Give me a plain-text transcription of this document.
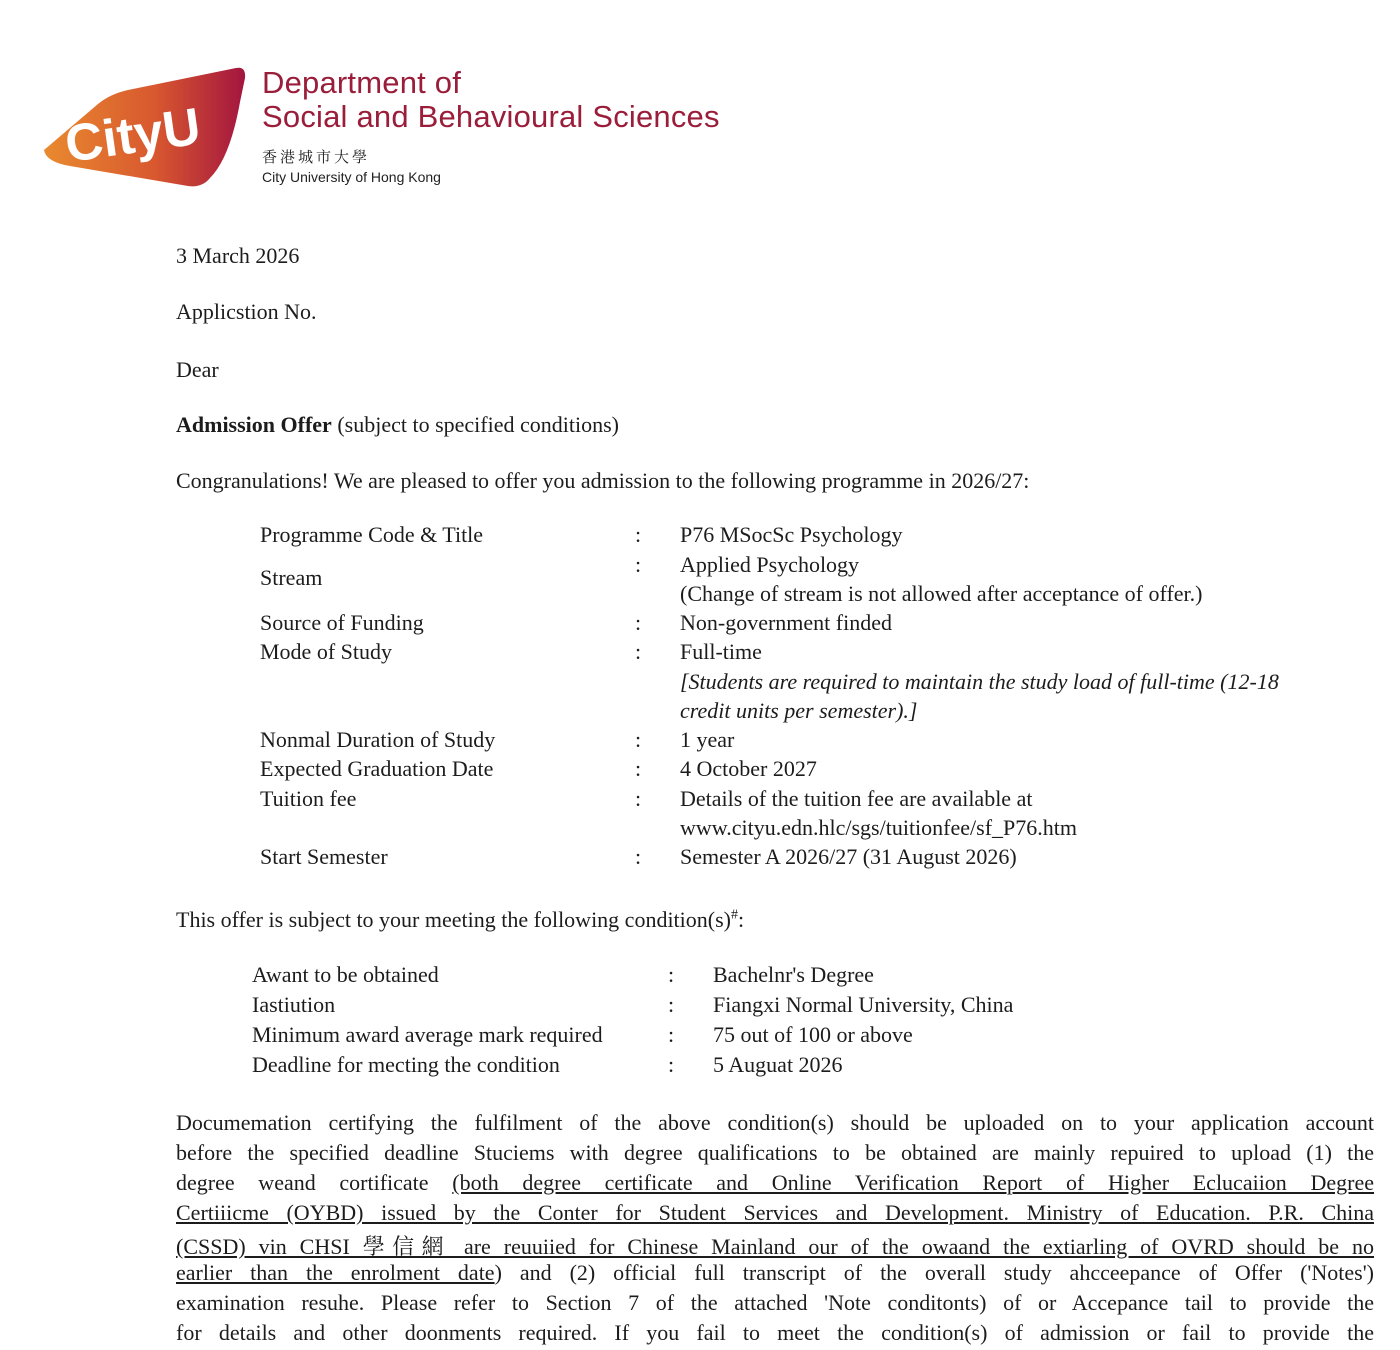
CityU
Department of
Social and Behavioural Sciences
香港城市大學
City University of Hong Kong
3 March 2026
Applicstion No.
Dear
Admission Offer (subject to specified conditions)
Congranulations! We are pleased to offer you admission to the following programme in 2026/27:
Programme Code & Title	: P76 MSocSc Psychology
Stream
: Applied Psychology
(Change of stream is not allowed after acceptance of offer.)
Source of Funding	: Non-government finded
Mode of Study	: Full-time
[Students are required to maintain the study load of full-time (12-18
credit units per semester).]
Nonmal Duration of Study	: 1 year
Expected Graduation Date	: 4 October 2027
Tuition fee	: Details of the tuition fee are available at
www.cityu.edn.hlc/sgs/tuitionfee/sf_P76.htm
Start Semester	: Semester A 2026/27 (31 August 2026)
This offer is subject to your meeting the following condition(s)#:
Awant to be obtained	: Bachelnr's Degree
Iastiution	: Fiangxi Normal University, China
Minimum award average mark required	: 75 out of 100 or above
Deadline for mecting the condition	: 5 Auguat 2026
Documemation certifying the fulfilment of the above condition(s) should be uploaded on to your application account
before the specified deadline Stuciems with degree qualifications to be obtained are mainly repuired to upload (1) the
degree weand cortificate (both degree certificate and Online Verification Report of Higher Eclucaiion Degree
Certiiicme (OYBD) issued by the Conter for Student Services and Development. Ministry of Education. P.R. China
(CSSD) vin CHSI 學信網 are reuuiied for Chinese Mainland our of the owaand the extiarling of OVRD should be no
earlier than the enrolment date) and (2) official full transcript of the overall study ahcceepance of Offer ('Notes')
examination resuhe. Please refer to Section 7 of the attached 'Note conditonts) of or Accepance tail to provide the
for details and other doonments required. If you fail to meet the condition(s) of admission or fail to provide the
